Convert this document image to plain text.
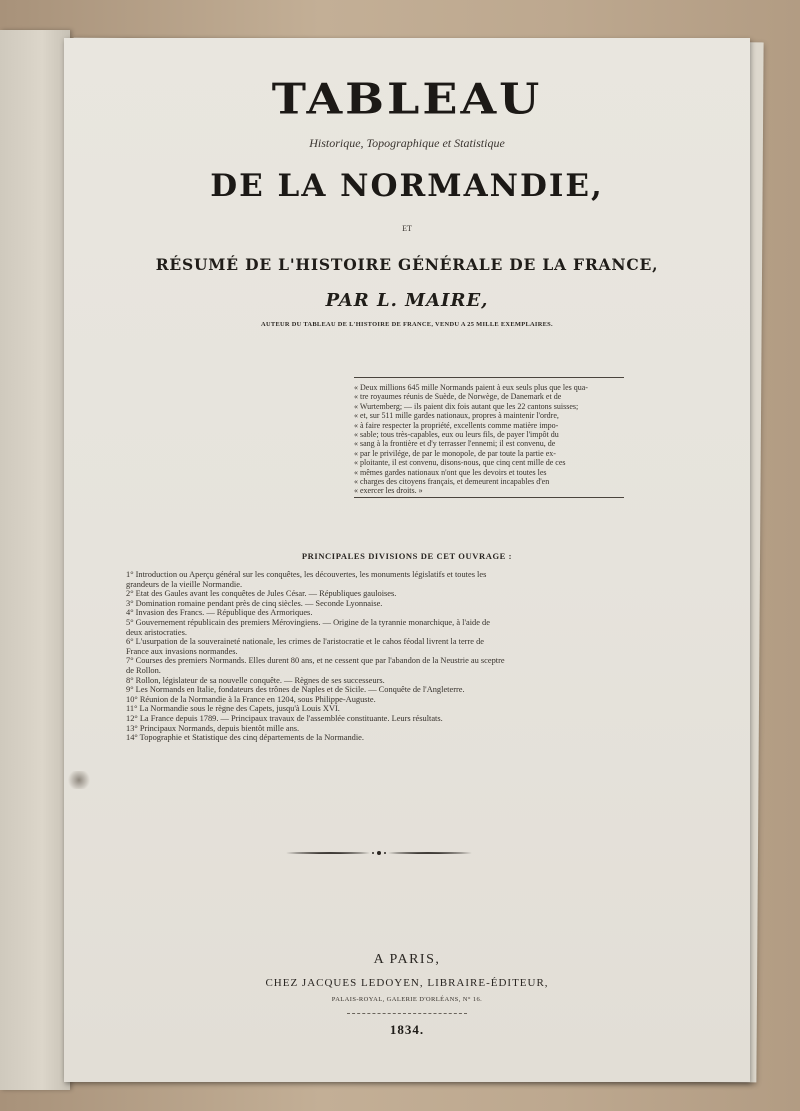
TABLEAU
Historique, Topographique et Statistique
DE LA NORMANDIE,
ET
RÉSUMÉ DE L'HISTOIRE GÉNÉRALE DE LA FRANCE,
PAR L. MAIRE,
AUTEUR DU TABLEAU DE L'HISTOIRE DE FRANCE, VENDU A 25 MILLE EXEMPLAIRES.
« Deux millions 645 mille Normands paient à eux seuls plus que les qua-
« tre royaumes réunis de Suède, de Norwège, de Danemark et de
« Wurtemberg; — ils paient dix fois autant que les 22 cantons suisses;
« et, sur 511 mille gardes nationaux, propres à maintenir l'ordre,
« à faire respecter la propriété, excellents comme matière impo-
« sable; tous très-capables, eux ou leurs fils, de payer l'impôt du
« sang à la frontière et d'y terrasser l'ennemi; il est convenu, de
« par le privilége, de par le monopole, de par toute la partie ex-
« ploitante, il est convenu, disons-nous, que cinq cent mille de ces
« mêmes gardes nationaux n'ont que les devoirs et toutes les
« charges des citoyens français, et demeurent incapables d'en
« exercer les droits. »
PRINCIPALES DIVISIONS DE CET OUVRAGE :
1° Introduction ou Aperçu général sur les conquêtes, les découvertes, les monuments législatifs et toutes les
grandeurs de la vieille Normandie.
2° Etat des Gaules avant les conquêtes de Jules César. — Républiques gauloises.
3° Domination romaine pendant près de cinq siècles. — Seconde Lyonnaise.
4° Invasion des Francs. — République des Armoriques.
5° Gouvernement républicain des premiers Mérovingiens. — Origine de la tyrannie monarchique, à l'aide de
deux aristocraties.
6° L'usurpation de la souveraineté nationale, les crimes de l'aristocratie et le cahos féodal livrent la terre de
France aux invasions normandes.
7° Courses des premiers Normands. Elles durent 80 ans, et ne cessent que par l'abandon de la Neustrie au sceptre
de Rollon.
8° Rollon, législateur de sa nouvelle conquête. — Règnes de ses successeurs.
9° Les Normands en Italie, fondateurs des trônes de Naples et de Sicile. — Conquête de l'Angleterre.
10° Réunion de la Normandie à la France en 1204, sous Philippe-Auguste.
11° La Normandie sous le règne des Capets, jusqu'à Louis XVI.
12° La France depuis 1789. — Principaux travaux de l'assemblée constituante. Leurs résultats.
13° Principaux Normands, depuis bientôt mille ans.
14° Topographie et Statistique des cinq départements de la Normandie.
A PARIS,
CHEZ JACQUES LEDOYEN, LIBRAIRE-ÉDITEUR,
PALAIS-ROYAL, GALERIE D'ORLÉANS, N° 16.
1834.
